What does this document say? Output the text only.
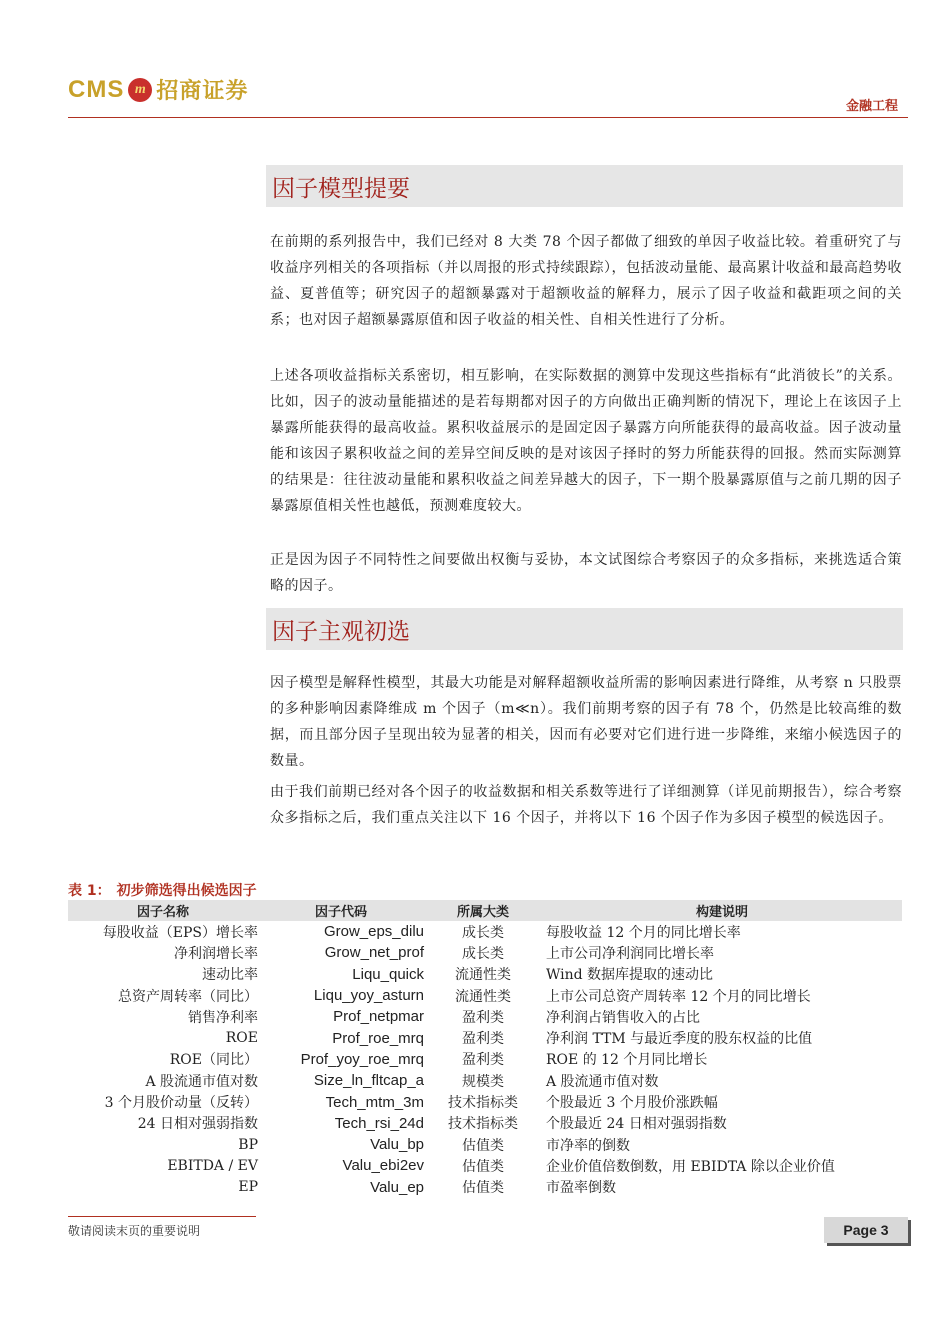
CMS m 招商证券
金融工程
因子模型提要
在前期的系列报告中，我们已经对 8 大类 78 个因子都做了细致的单因子收益比较。着重研究了与收益序列相关的各项指标（并以周报的形式持续跟踪），包括波动量能、最高累计收益和最高趋势收益、夏普值等；研究因子的超额暴露对于超额收益的解释力，展示了因子收益和截距项之间的关系；也对因子超额暴露原值和因子收益的相关性、自相关性进行了分析。
上述各项收益指标关系密切，相互影响，在实际数据的测算中发现这些指标有“此消彼长”的关系。比如，因子的波动量能描述的是若每期都对因子的方向做出正确判断的情况下，理论上在该因子上暴露所能获得的最高收益。累积收益展示的是固定因子暴露方向所能获得的最高收益。因子波动量能和该因子累积收益之间的差异空间反映的是对该因子择时的努力所能获得的回报。然而实际测算的结果是：往往波动量能和累积收益之间差异越大的因子，下一期个股暴露原值与之前几期的因子暴露原值相关性也越低，预测难度较大。
正是因为因子不同特性之间要做出权衡与妥协，本文试图综合考察因子的众多指标，来挑选适合策略的因子。
因子主观初选
因子模型是解释性模型，其最大功能是对解释超额收益所需的影响因素进行降维，从考察 n 只股票的多种影响因素降维成 m 个因子（m≪n）。我们前期考察的因子有 78 个，仍然是比较高维的数据，而且部分因子呈现出较为显著的相关，因而有必要对它们进行进一步降维，来缩小候选因子的数量。
由于我们前期已经对各个因子的收益数据和相关系数等进行了详细测算（详见前期报告），综合考察众多指标之后，我们重点关注以下 16 个因子，并将以下 16 个因子作为多因子模型的候选因子。
表 1： 初步筛选得出候选因子
因子名称	因子代码	所属大类	构建说明
每股收益（EPS）增长率	Grow_eps_dilu	成长类	每股收益 12 个月的同比增长率
净利润增长率	Grow_net_prof	成长类	上市公司净利润同比增长率
速动比率	Liqu_quick	流通性类	Wind 数据库提取的速动比
总资产周转率（同比）	Liqu_yoy_asturn	流通性类	上市公司总资产周转率 12 个月的同比增长
销售净利率	Prof_netpmar	盈利类	净利润占销售收入的占比
ROE	Prof_roe_mrq	盈利类	净利润 TTM 与最近季度的股东权益的比值
ROE（同比）	Prof_yoy_roe_mrq	盈利类	ROE 的 12 个月同比增长
A 股流通市值对数	Size_ln_fltcap_a	规模类	A 股流通市值对数
3 个月股价动量（反转）	Tech_mtm_3m	技术指标类	个股最近 3 个月股价涨跌幅
24 日相对强弱指数	Tech_rsi_24d	技术指标类	个股最近 24 日相对强弱指数
BP	Valu_bp	估值类	市净率的倒数
EBITDA / EV	Valu_ebi2ev	估值类	企业价值倍数倒数，用 EBIDTA 除以企业价值
EP	Valu_ep	估值类	市盈率倒数
敬请阅读末页的重要说明	Page 3
